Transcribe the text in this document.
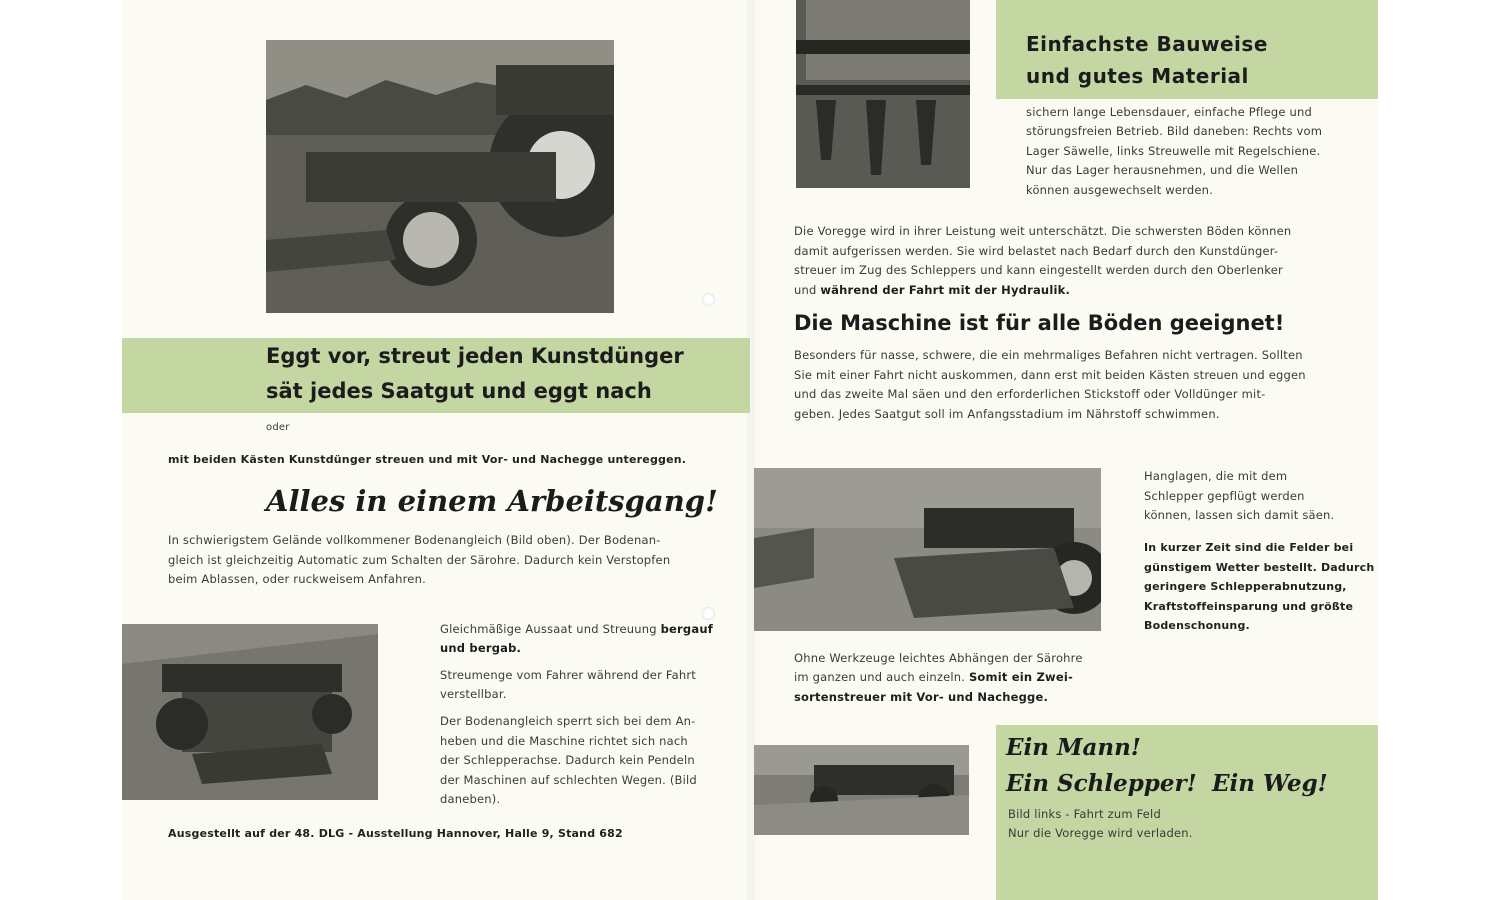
Eggt vor, streut jeden Kunstdünger

sät jedes Saatgut und eggt nach

oder

mit beiden Kästen Kunstdünger streuen und mit Vor- und Nachegge untereggen.

Alles in einem Arbeitsgang!

In schwierigstem Gelände vollkommener Bodenangleich (Bild oben). Der Bodenan-

gleich ist gleichzeitig Automatic zum Schalten der Särohre. Dadurch kein Verstopfen

beim Ablassen, oder ruckweisem Anfahren.

Gleichmäßige Aussaat und Streuung bergauf

und bergab.

Streumenge vom Fahrer während der Fahrt

verstellbar.

Der Bodenangleich sperrt sich bei dem An-

heben und die Maschine richtet sich nach

der Schlepperachse. Dadurch kein Pendeln

der Maschinen auf schlechten Wegen. (Bild

daneben).

Ausgestellt auf der 48. DLG - Ausstellung Hannover, Halle 9, Stand 682

Einfachste Bauweise

und gutes Material

sichern lange Lebensdauer, einfache Pflege und

störungsfreien Betrieb. Bild daneben: Rechts vom

Lager Säwelle, links Streuwelle mit Regelschiene.

Nur das Lager herausnehmen, und die Wellen

können ausgewechselt werden.

Die Voregge wird in ihrer Leistung weit unterschätzt. Die schwersten Böden können

damit aufgerissen werden. Sie wird belastet nach Bedarf durch den Kunstdünger-

streuer im Zug des Schleppers und kann eingestellt werden durch den Oberlenker

und während der Fahrt mit der Hydraulik.

Die Maschine ist für alle Böden geeignet!

Besonders für nasse, schwere, die ein mehrmaliges Befahren nicht vertragen. Sollten

Sie mit einer Fahrt nicht auskommen, dann erst mit beiden Kästen streuen und eggen

und das zweite Mal säen und den erforderlichen Stickstoff oder Volldünger mit-

geben. Jedes Saatgut soll im Anfangsstadium im Nährstoff schwimmen.

Hanglagen, die mit dem

Schlepper gepflügt werden

können, lassen sich damit säen.

In kurzer Zeit sind die Felder bei

günstigem Wetter bestellt. Dadurch

geringere Schlepperabnutzung,

Kraftstoffeinsparung und größte

Bodenschonung.

Ohne Werkzeuge leichtes Abhängen der Särohre

im ganzen und auch einzeln. Somit ein Zwei-

sortenstreuer mit Vor- und Nachegge.

Ein Mann!

Ein Schlepper! Ein Weg!

Bild links - Fahrt zum Feld

Nur die Voregge wird verladen.
